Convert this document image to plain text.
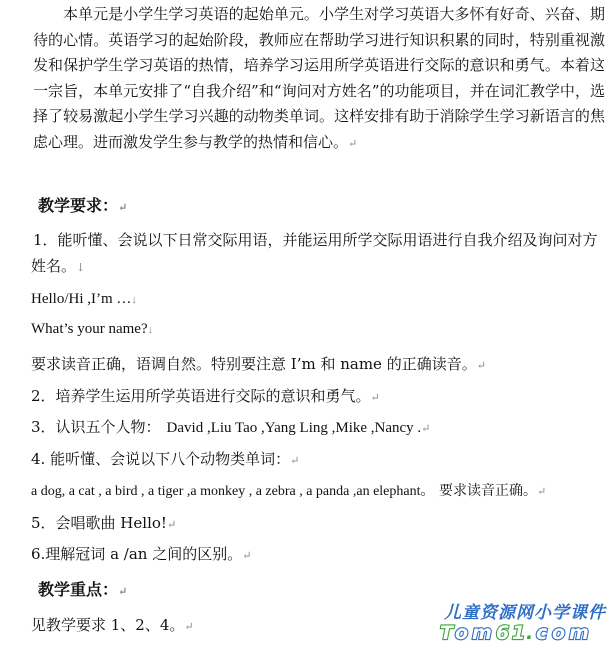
本单元是小学生学习英语的起始单元。小学生对学习英语大多怀有好奇、兴奋、期待的心情。英语学习的起始阶段，教师应在帮助学习进行知识积累的同时，特别重视激发和保护学生学习英语的热情，培养学习运用所学英语进行交际的意识和勇气。本着这一宗旨，本单元安排了“自我介绍”和“询问对方姓名”的功能项目，并在词汇教学中，选择了较易激起小学生学习兴趣的动物类单词。这样安排有助于消除学生学习新语言的焦虑心理。进而激发学生参与教学的热情和信心。↵

教学要求：↵

1．能听懂、会说以下日常交际用语，并能运用所学交际用语进行自我介绍及询问对方姓名。↓

Hello/Hi ,I’m …↓

What’s your name?↓

要求读音正确，语调自然。特别要注意 I’m 和 name 的正确读音。↵

2．培养学生运用所学英语进行交际的意识和勇气。↵

3．认识五个人物： David ,Liu Tao ,Yang Ling ,Mike ,Nancy .↵

4. 能听懂、会说以下八个动物类单词：↵

a dog, a cat , a bird , a tiger ,a monkey , a zebra , a panda ,an elephant。 要求读音正确。↵

5．会唱歌曲 Hello!↵

6.理解冠词 a /an 之间的区别。↵

教学重点：↵

见教学要求 1、2、4。↵

儿童资源网小学课件
T o m 6 1 . c o m
